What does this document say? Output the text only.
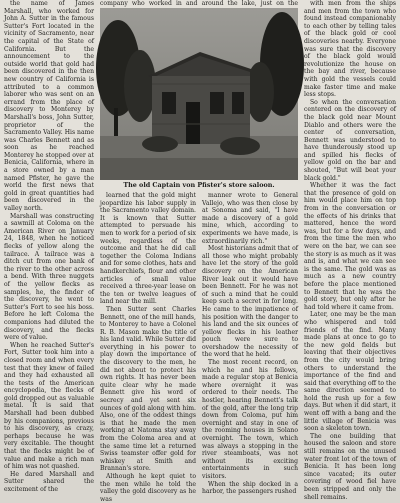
the name of James Marshall, who worked for John A. Sutter in the famous Sutter's Fort located in the vicinity of Sacramento, near the capital of the State of California. But the announcement to the outside world that gold had been discovered in the then new country of California is attributed to a common laborer who was sent on an errand from the place of discovery to Monterey by Marshall's boss, John Sutter, proprietor of the Sacramento Valley. His name was Charles Bennett and as soon as he reached Monterey he stopped over at Benicia, California, where in a store owned by a man named Pfister, he gave the world the first news that gold in great quantities had been discovered in the valley north.

Marshall was constructing a sawmill at Coloma on the American River on January 24, 1848, when he noticed flecks of yellow along the tailrace. A tailrace was a ditch cut from one bank of the river to the other across a bend. With three nuggets of the yellow flecks as samples, he, the finder of the discovery, he went to Sutter's Fort to see his boss. Before he left Coloma the companions had diluted the discovery, and the flecks were of value.

When he reached Sutter's Fort, Sutter took him into a closed room and when every test that they knew of failed and they had exhausted all the tests of the American encyclopedia, the flecks of gold dropped out as valuable metal. It is said that Marshall had been dubbed by his companions, previous to his discovery, as crazy, perhaps because he was very excitable. The thought that the flecks might be of value and make a rich man of him was not quashed.

He dared Marshall and Sutter shared the excitement of the

company who worked in and around the lake, just on the
The old Captain von Pfister's store saloon.

learned that the gold might jeopardize his labor supply in the Sacramento valley domain. It is known that Sutter attempted to persuade his men to work for a period of six weeks, regardless of the outcome and that he did call together the Coloma Indians and for some clothes, hats and handkerchiefs, flour and other articles of small value received a three-year lease on the ten or twelve leagues of land near the mill.

Then Sutter sent Charles Bennett, one of the mill hands, to Monterey to have a Colonel R. B. Mason make the title of his land valid. While Sutter did everything in his power to play down the importance of the discovery to the men, he did not about to protect his own rights. It has never been quite clear why he made Bennett give his word of secrecy and yet sent six ounces of gold along with him. Also, one of the oddest things is that he made the men working at Natoma stay away from the Coloma area and at the same time let a returned Swiss teamster offer gold for whiskey at Smith and Brannan's store.

Although he kept quiet to the men while he told the valley the gold discovery as he was

manner wrote to General Vallejo, who was then close by at Sonoma and said, "I have made a discovery of a gold mine, which, according to experiments we have made, is extraordinarily rich."

Most historians admit that of all those who might probably have let the story of the gold discovery on the American River leak out it would have been Bennett. For he was not of such a mind that he could keep such a secret in for long. He came to the impatience of his position with the danger to his land and the six ounces of yellow flecks in his leather pouch were sure to overshadow the necessity of the word that he held.

The most recent record, on which he and his fellows, made a regular stop at Benicia where overnight it was ordered to their needs. The hostler, hearing Bennett's talk of the gold, after the long trip down from Coloma, put him overnight and stay in one of the rooming houses in Solano overnight. The town, which was always a stopping in the river steamboats, was not without its exciting entertainments in such visitors.

When the ship docked in a harbor, the passengers rushed

with men from the ships and men from the town who found instead companionably to each other by telling tales of the black gold or cool discoveries nearby. Everyone was sure that the discovery of the black gold would revolutionize the house on the bay and river, because with gold the vessels could make faster time and make less stops.

So when the conversation centered on the discovery of the black gold near Mount Diablo and others were the center of conversation, Bennett was understood to have thunderously stood up and spilled his flecks of yellow gold on the bar and shouted, "But will beat your black gold."

Whether it was the fact that the presence of gold on him would place him on top from in the conversation or the effects of his drinks that mattered, hence the word was, but for a few days, and from the time the men who were on the bar, we can see the story is as much as it was and is, and what we can see is the same. The gold was as much as a new country before the place mentioned to Bennett that he was the gold story, but only after he had told where it came from.

Later, one may be the man who whispered and told friends of the find. Many made plans at once to go to the new gold fields but leaving that their objectives from the city would bring others to understand the importance of the find and said that everything off to the same direction seemed to hold the rush up for a few days. But when it did start, it went off with a bang and the little village of Benicia was soon a skeleton town.

The one building that housed the saloon and store still remains on the unused water front lot of the town of Benicia. It has been long since vacated; its outer covering of wood fiel have been stripped and only the shell remains.
